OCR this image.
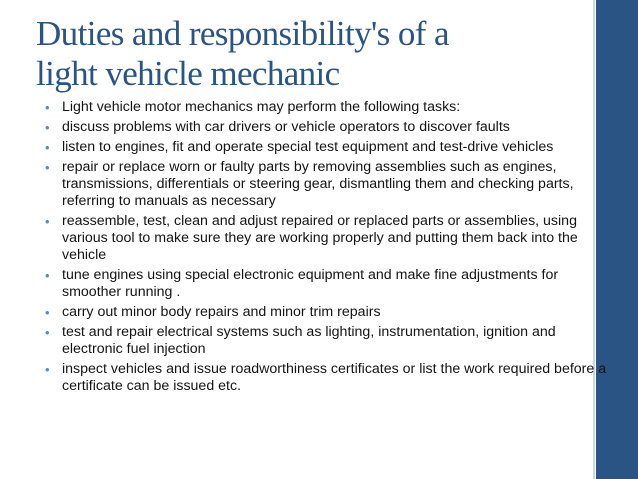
Duties and responsibility's of a
light vehicle mechanic
• Light vehicle motor mechanics may perform the following tasks:
• discuss problems with car drivers or vehicle operators to discover faults
• listen to engines, fit and operate special test equipment and test-drive vehicles
• repair or replace worn or faulty parts by removing assemblies such as engines, transmissions, differentials or steering gear, dismantling them and checking parts, referring to manuals as necessary
• reassemble, test, clean and adjust repaired or replaced parts or assemblies, using various tool to make sure they are working properly and putting them back into the vehicle
• tune engines using special electronic equipment and make fine adjustments for smoother running .
• carry out minor body repairs and minor trim repairs
• test and repair electrical systems such as lighting, instrumentation, ignition and electronic fuel injection
• inspect vehicles and issue roadworthiness certificates or list the work required before a certificate can be issued etc.
